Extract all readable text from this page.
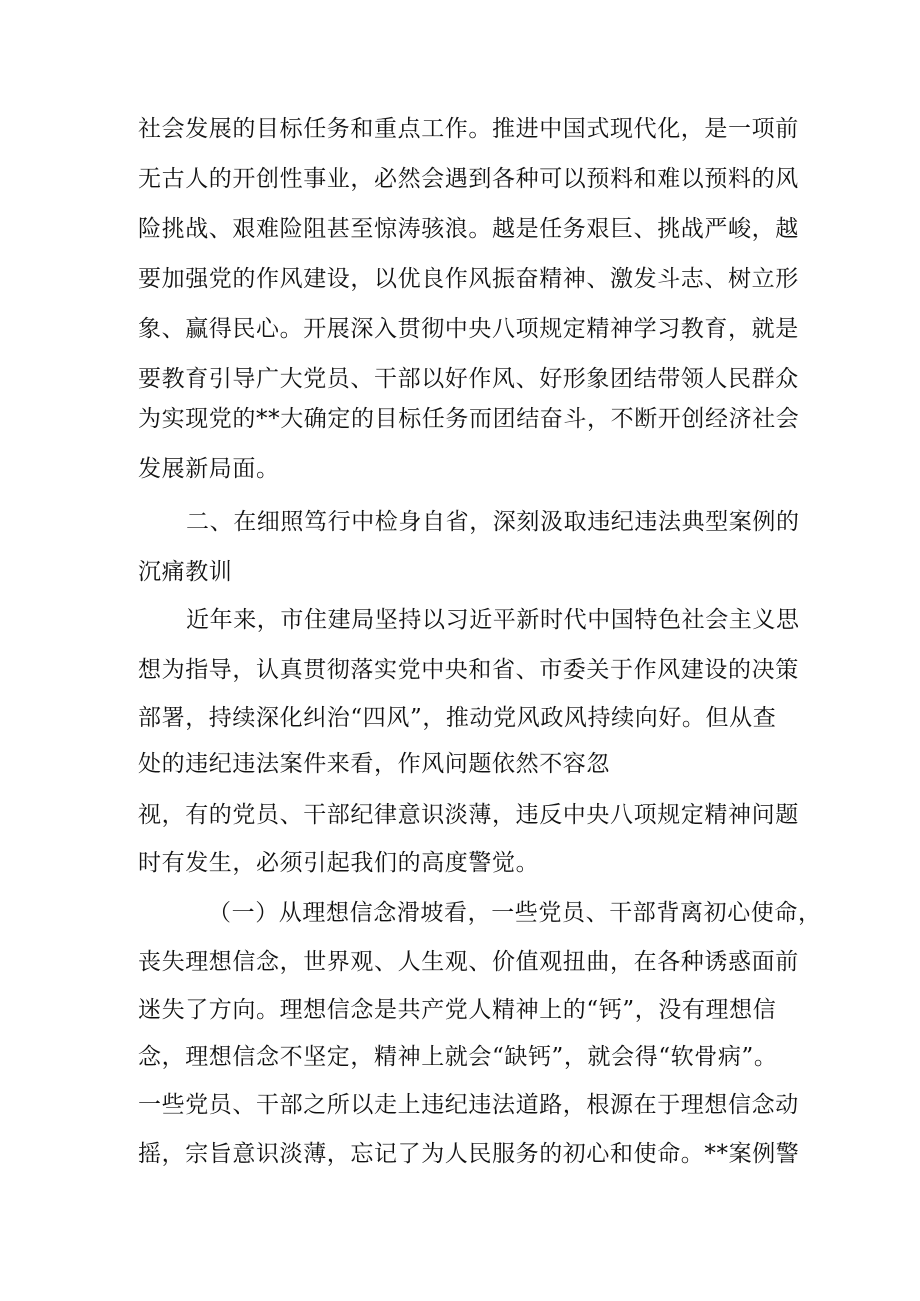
社会发展的目标任务和重点工作。推进中国式现代化，是一项前
无古人的开创性事业，必然会遇到各种可以预料和难以预料的风
险挑战、艰难险阻甚至惊涛骇浪。越是任务艰巨、挑战严峻，越
要加强党的作风建设，以优良作风振奋精神、激发斗志、树立形
象、赢得民心。开展深入贯彻中央八项规定精神学习教育，就是
要教育引导广大党员、干部以好作风、好形象团结带领人民群众
为实现党的**大确定的目标任务而团结奋斗，不断开创经济社会
发展新局面。
二、在细照笃行中检身自省，深刻汲取违纪违法典型案例的
沉痛教训
近年来，市住建局坚持以习近平新时代中国特色社会主义思
想为指导，认真贯彻落实党中央和省、市委关于作风建设的决策
部署，持续深化纠治“四风”，推动党风政风持续向好。但从查
处的违纪违法案件来看，作风问题依然不容忽
视，有的党员、干部纪律意识淡薄，违反中央八项规定精神问题
时有发生，必须引起我们的高度警觉。
（一）从理想信念滑坡看，一些党员、干部背离初心使命，
丧失理想信念，世界观、人生观、价值观扭曲，在各种诱惑面前
迷失了方向。理想信念是共产党人精神上的“钙”，没有理想信
念，理想信念不坚定，精神上就会“缺钙”，就会得“软骨病”。
一些党员、干部之所以走上违纪违法道路，根源在于理想信念动
摇，宗旨意识淡薄，忘记了为人民服务的初心和使命。**案例警
